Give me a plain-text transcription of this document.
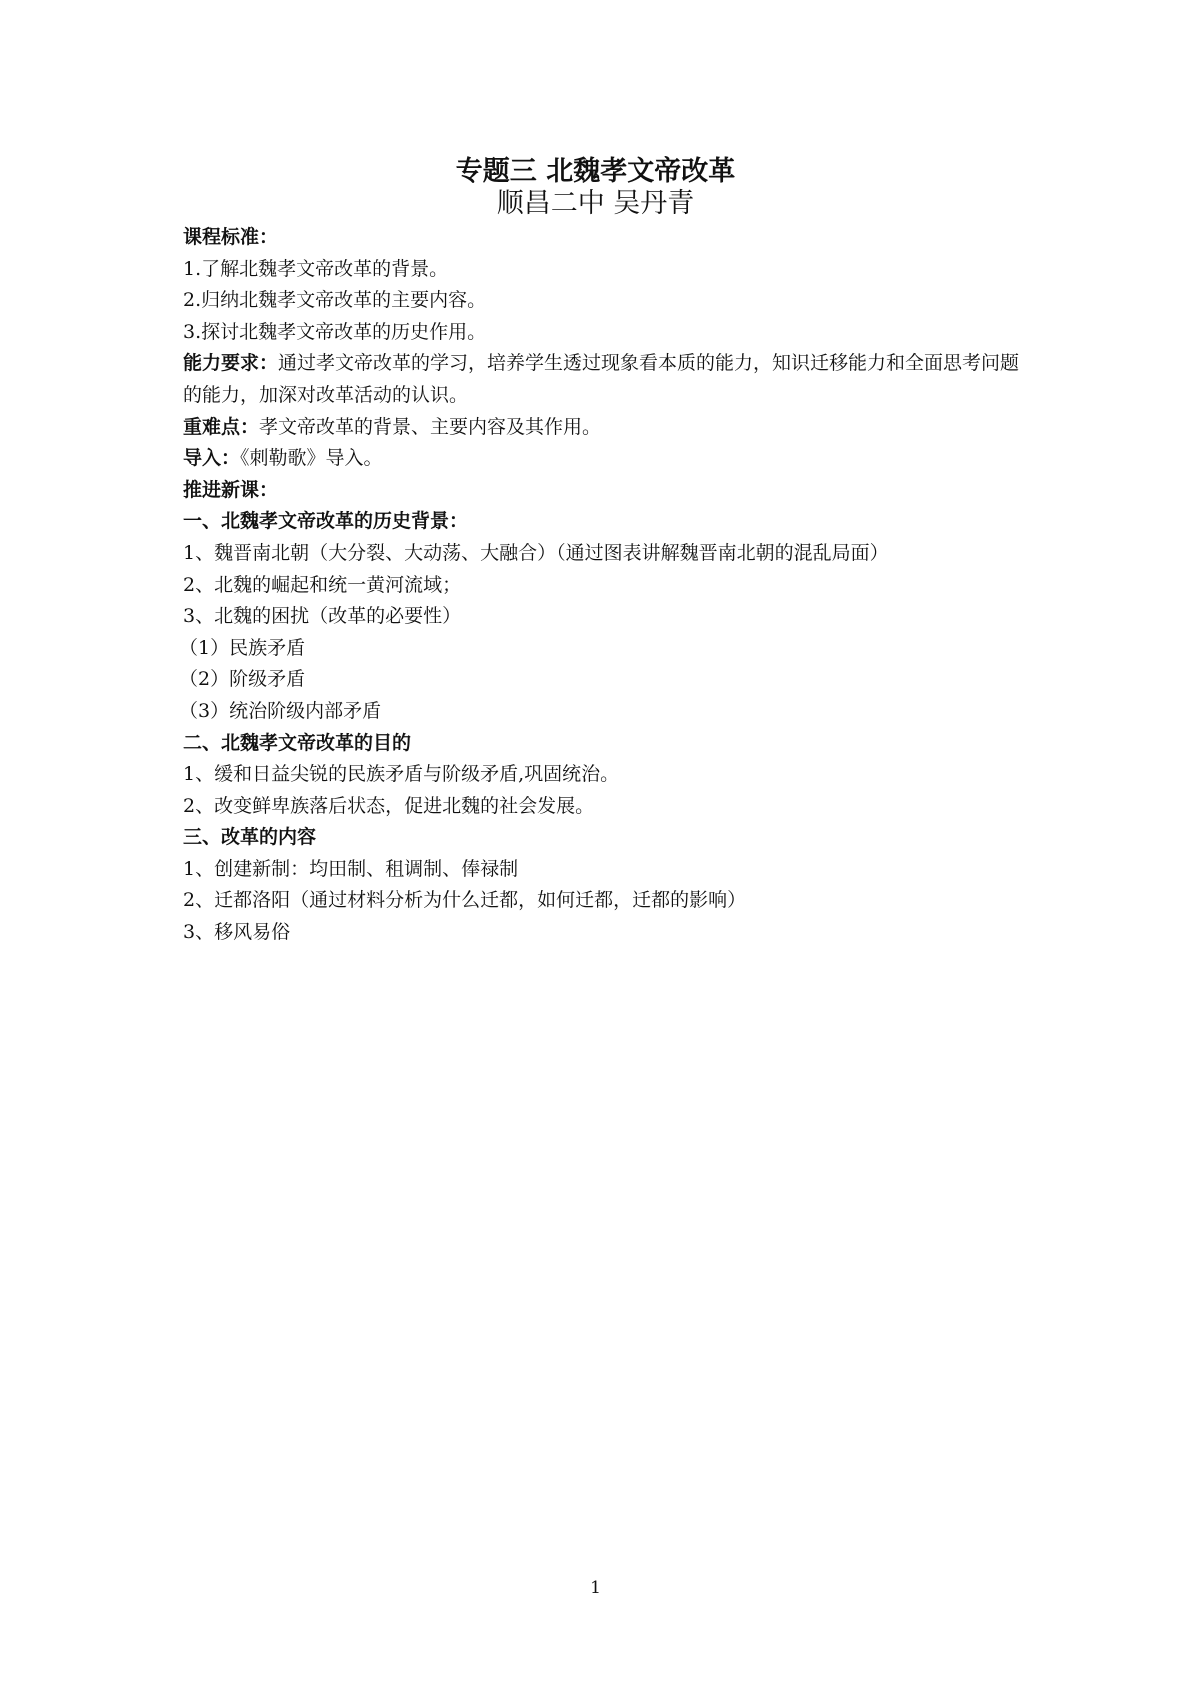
专题三 北魏孝文帝改革
顺昌二中 吴丹青

课程标准：

1.了解北魏孝文帝改革的背景。

2.归纳北魏孝文帝改革的主要内容。

3.探讨北魏孝文帝改革的历史作用。

能力要求：通过孝文帝改革的学习，培养学生透过现象看本质的能力，知识迁移能力和全面思考问题的能力，加深对改革活动的认识。

重难点：孝文帝改革的背景、主要内容及其作用。

导入：《刺勒歌》导入。

推进新课：

一、北魏孝文帝改革的历史背景：

1、魏晋南北朝（大分裂、大动荡、大融合）（通过图表讲解魏晋南北朝的混乱局面）

2、北魏的崛起和统一黄河流域；

3、北魏的困扰（改革的必要性）

（1）民族矛盾

（2）阶级矛盾

（3）统治阶级内部矛盾

二、北魏孝文帝改革的目的

1、缓和日益尖锐的民族矛盾与阶级矛盾,巩固统治。

2、改变鲜卑族落后状态，促进北魏的社会发展。

三、改革的内容

1、创建新制：均田制、租调制、俸禄制

2、迁都洛阳（通过材料分析为什么迁都，如何迁都，迁都的影响）

3、移风易俗

1
